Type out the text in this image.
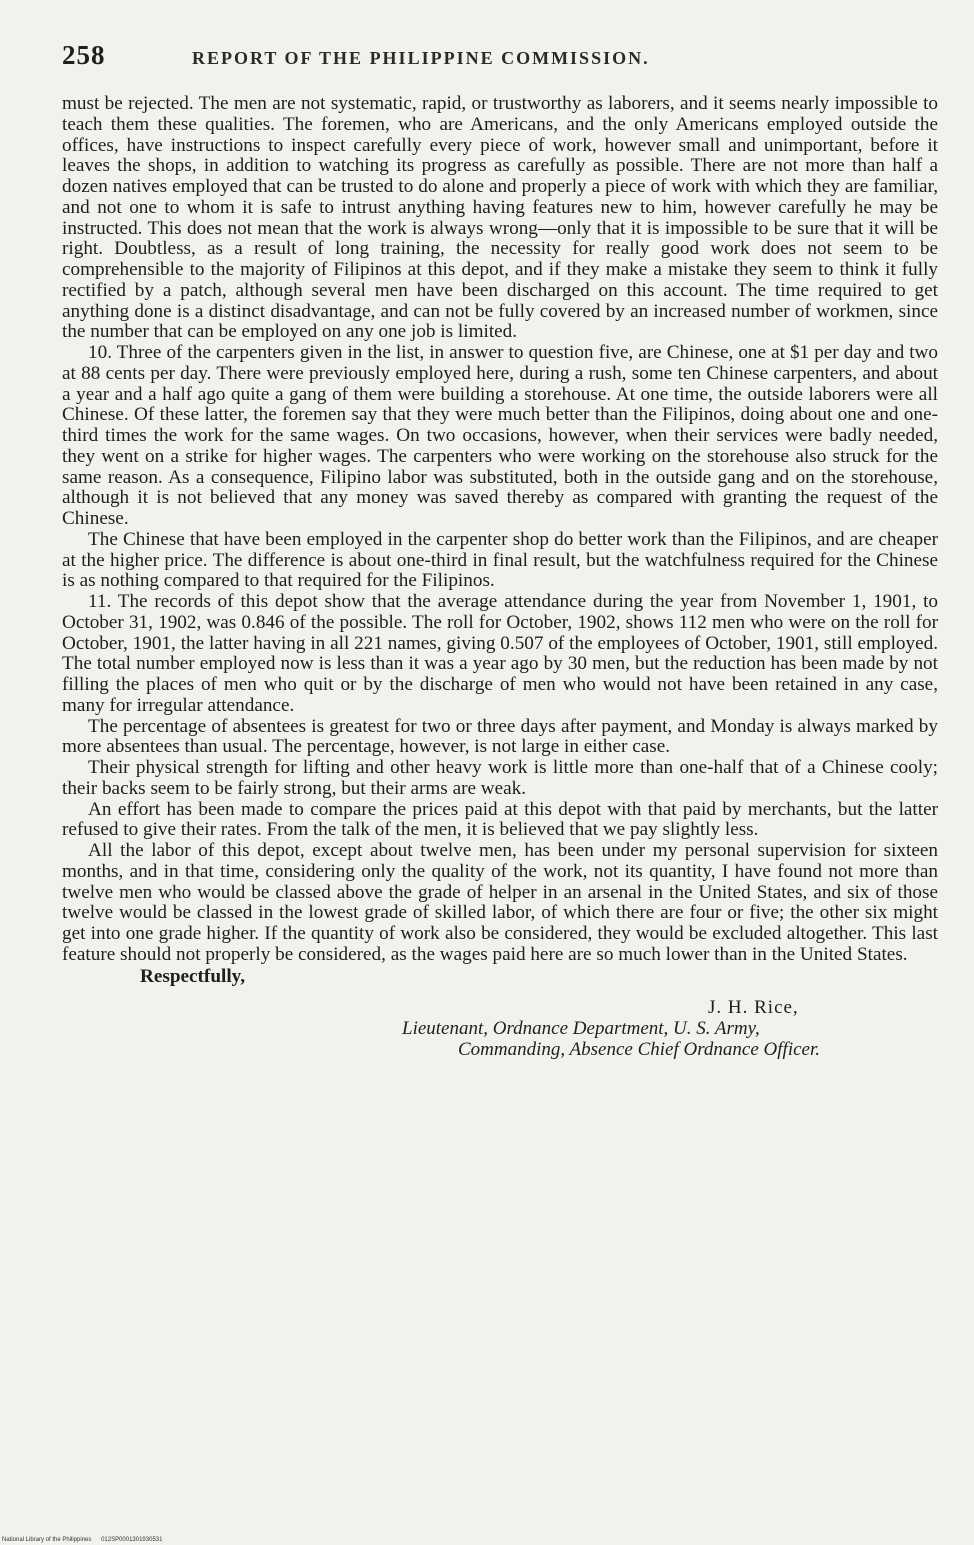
258	REPORT OF THE PHILIPPINE COMMISSION.

must be rejected. The men are not systematic, rapid, or trustworthy as laborers, and it seems nearly impossible to teach them these qualities. The foremen, who are Americans, and the only Americans employed outside the offices, have instructions to inspect carefully every piece of work, however small and unimportant, before it leaves the shops, in addition to watching its progress as carefully as possible. There are not more than half a dozen natives employed that can be trusted to do alone and properly a piece of work with which they are familiar, and not one to whom it is safe to intrust anything having features new to him, however carefully he may be instructed. This does not mean that the work is always wrong—only that it is impossible to be sure that it will be right. Doubtless, as a result of long training, the necessity for really good work does not seem to be comprehensible to the majority of Filipinos at this depot, and if they make a mistake they seem to think it fully rectified by a patch, although several men have been discharged on this account. The time required to get anything done is a distinct disadvantage, and can not be fully covered by an increased number of workmen, since the number that can be employed on any one job is limited.

10. Three of the carpenters given in the list, in answer to question five, are Chinese, one at $1 per day and two at 88 cents per day. There were previously employed here, during a rush, some ten Chinese carpenters, and about a year and a half ago quite a gang of them were building a storehouse. At one time, the outside laborers were all Chinese. Of these latter, the foremen say that they were much better than the Filipinos, doing about one and one-third times the work for the same wages. On two occasions, however, when their services were badly needed, they went on a strike for higher wages. The carpenters who were working on the storehouse also struck for the same reason. As a consequence, Filipino labor was substituted, both in the outside gang and on the storehouse, although it is not believed that any money was saved thereby as compared with granting the request of the Chinese.

The Chinese that have been employed in the carpenter shop do better work than the Filipinos, and are cheaper at the higher price. The difference is about one-third in final result, but the watchfulness required for the Chinese is as nothing compared to that required for the Filipinos.

11. The records of this depot show that the average attendance during the year from November 1, 1901, to October 31, 1902, was 0.846 of the possible. The roll for October, 1902, shows 112 men who were on the roll for October, 1901, the latter having in all 221 names, giving 0.507 of the employees of October, 1901, still employed. The total number employed now is less than it was a year ago by 30 men, but the reduction has been made by not filling the places of men who quit or by the discharge of men who would not have been retained in any case, many for irregular attendance.

The percentage of absentees is greatest for two or three days after payment, and Monday is always marked by more absentees than usual. The percentage, however, is not large in either case.

Their physical strength for lifting and other heavy work is little more than one-half that of a Chinese cooly; their backs seem to be fairly strong, but their arms are weak.

An effort has been made to compare the prices paid at this depot with that paid by merchants, but the latter refused to give their rates. From the talk of the men, it is believed that we pay slightly less.

All the labor of this depot, except about twelve men, has been under my personal supervision for sixteen months, and in that time, considering only the quality of the work, not its quantity, I have found not more than twelve men who would be classed above the grade of helper in an arsenal in the United States, and six of those twelve would be classed in the lowest grade of skilled labor, of which there are four or five; the other six might get into one grade higher. If the quantity of work also be considered, they would be excluded altogether. This last feature should not properly be considered, as the wages paid here are so much lower than in the United States.

Respectfully,
J. H. Rice,
Lieutenant, Ordnance Department, U. S. Army,
Commanding, Absence Chief Ordnance Officer.
National Library of the Philippines 012SP0001301930531
